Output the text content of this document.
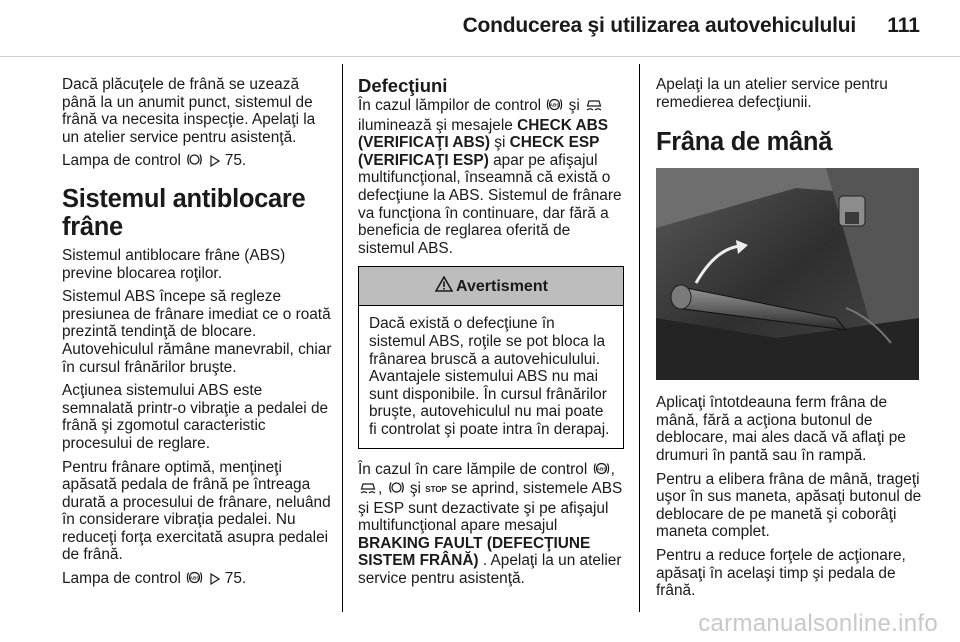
Conducerea şi utilizarea autovehiculului 111

Dacă plăcuţele de frână se uzează până la un anumit punct, sistemul de frână va necesita inspecţie. Apelaţi la un atelier service pentru asistenţă.

Lampa de control	75.

Sistemul antiblocare frâne

Sistemul antiblocare frâne (ABS) previne blocarea roţilor.

Sistemul ABS începe să regleze presiunea de frânare imediat ce o roată prezintă tendinţă de blocare. Autovehiculul rămâne manevrabil, chiar în cursul frânărilor bruşte.

Acţiunea sistemului ABS este semnalată printr-o vibraţie a pedalei de frână şi zgomotul caracteristic procesului de reglare.

Pentru frânare optimă, menţineţi apăsată pedala de frână pe întreaga durată a procesului de frânare, neluând în considerare vibraţia pedalei. Nu reduceţi forţa exercitată asupra pedalei de frână.

Lampa de control ABS 75.

Defecţiuni

În cazul lămpilor de control ABS şi  iluminează şi mesajele CHECK ABS (VERIFICAŢI ABS) şi CHECK ESP (VERIFICAŢI ESP) apar pe afişajul multifuncţional, înseamnă că există o defecţiune la ABS. Sistemul de frânare va funcţiona în continuare, dar fără a beneficia de reglarea oferită de sistemul ABS.

Avertisment
Dacă există o defecţiune în sistemul ABS, roţile se pot bloca la frânarea bruscă a autovehiculului. Avantajele sistemului ABS nu mai sunt disponibile. În cursul frânărilor bruşte, autovehiculul nu mai poate fi controlat şi poate intra în derapaj.

În cazul în care lămpile de control ABS , , şi STOP se aprind, sistemele ABS şi ESP sunt dezactivate şi pe afişajul multifuncţional apare mesajul BRAKING FAULT (DEFECŢIUNE SISTEM FRÂNĂ) . Apelaţi la un atelier service pentru asistenţă.

Apelaţi la un atelier service pentru remedierea defecţiunii.

Frâna de mână

Aplicaţi întotdeauna ferm frâna de mână, fără a acţiona butonul de deblocare, mai ales dacă vă aflaţi pe drumuri în pantă sau în rampă.

Pentru a elibera frâna de mână, trageţi uşor în sus maneta, apăsaţi butonul de deblocare de pe manetă şi coborâţi maneta complet.

Pentru a reduce forţele de acţionare, apăsaţi în acelaşi timp şi pedala de frână.

carmanualsonline.info
